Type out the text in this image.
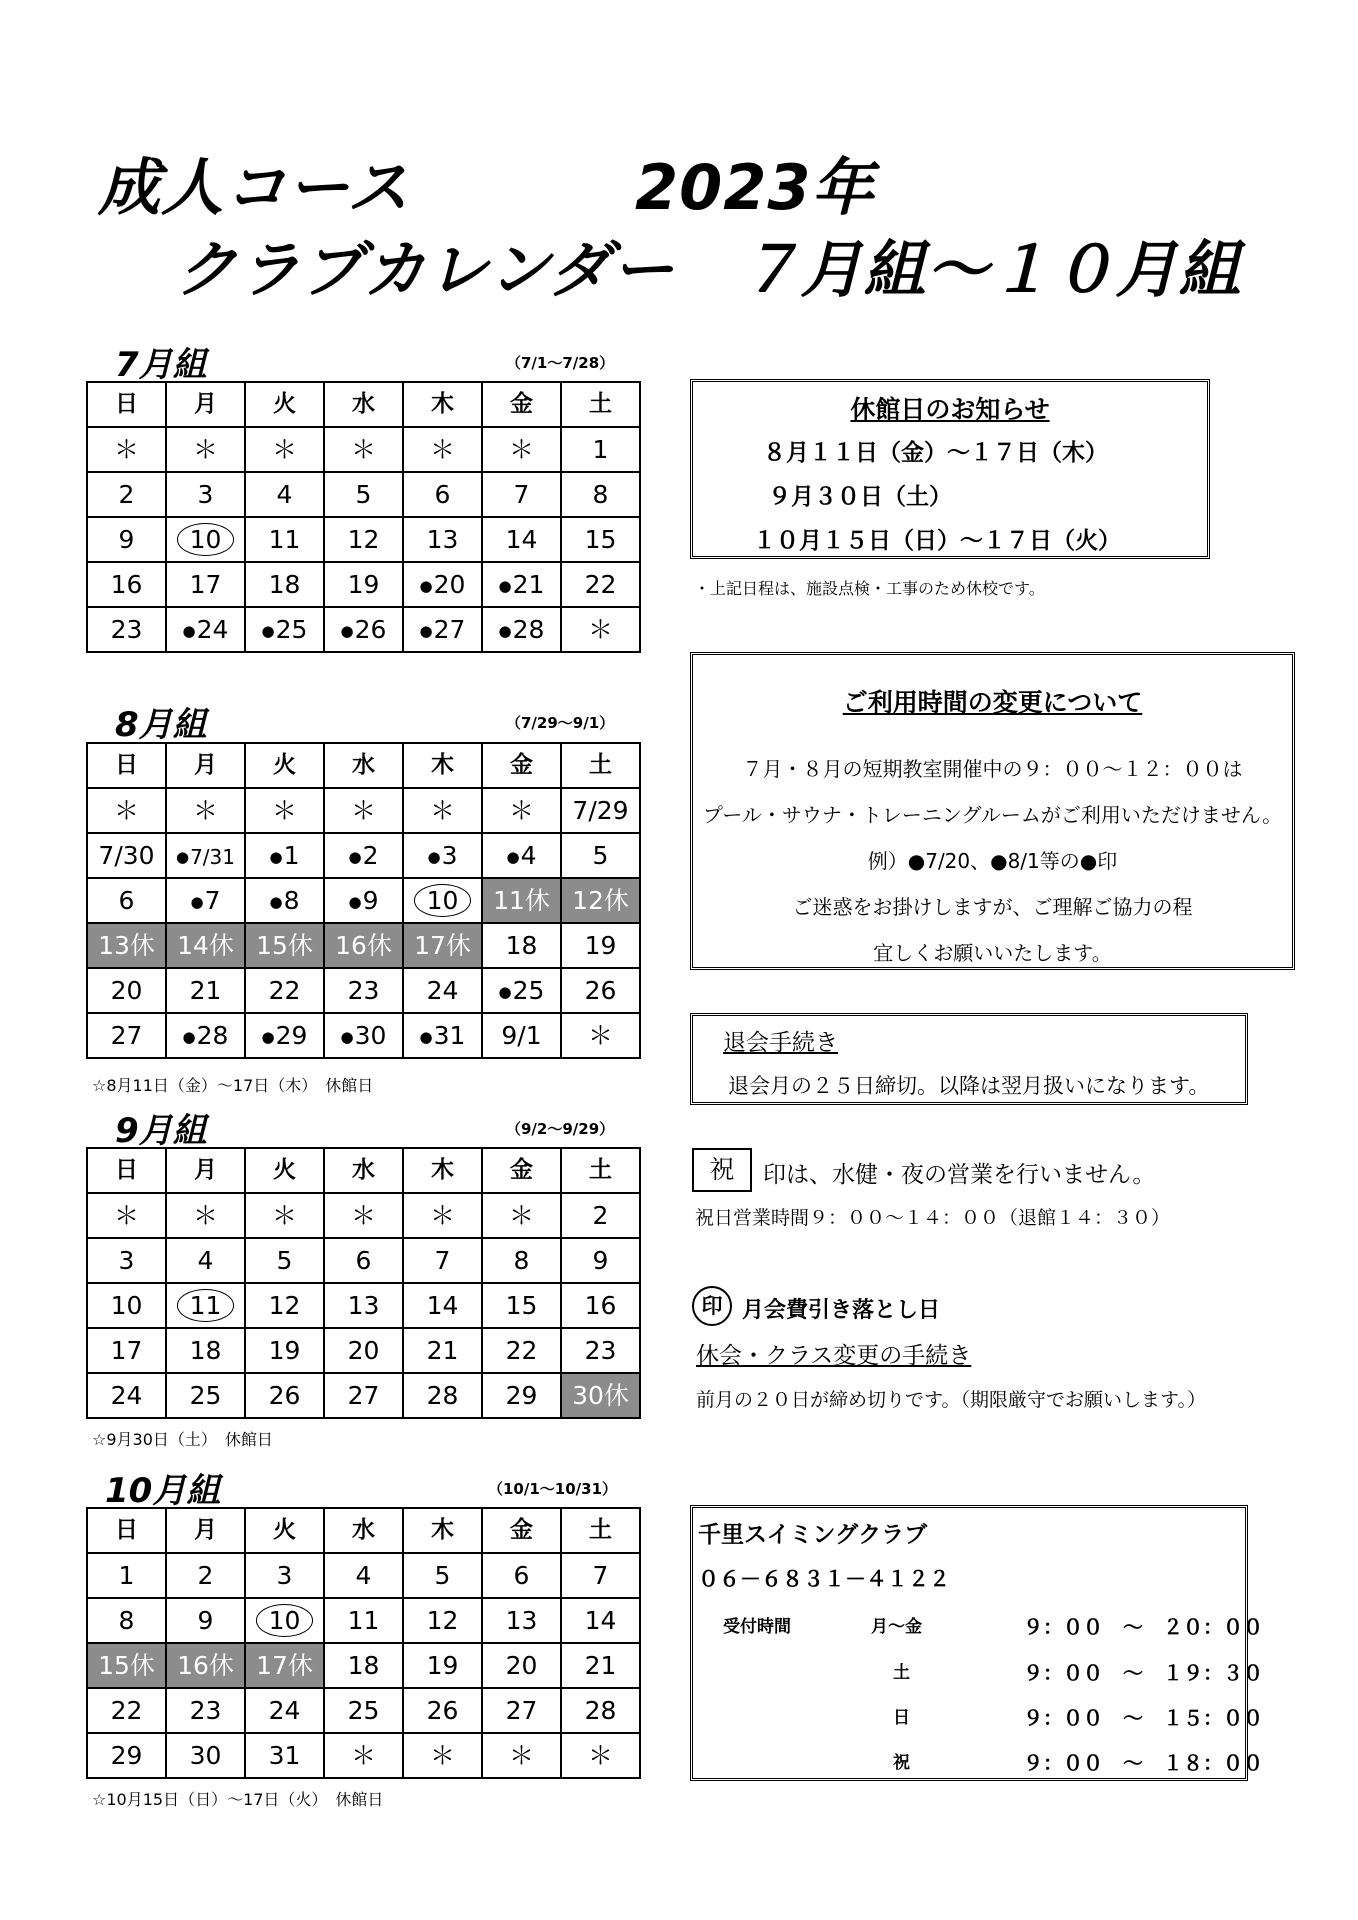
成人コース	2023年
クラブカレンダー　７月組～１０月組
7月組	（7/1～7/28）
日	月	火	水	木	金	土
＊	＊	＊	＊	＊	＊	1
2	3	4	5	6	7	8
9	10	11	12	13	14	15
16	17	18	19	●20	●21	22
23	●24	●25	●26	●27	●28	＊
8月組	（7/29～9/1）
日	月	火	水	木	金	土
＊	＊	＊	＊	＊	＊	7/29
7/30	●7/31	●1	●2	●3	●4	5
6	●7	●8	●9	10	11休	12休
13休	14休	15休	16休	17休	18	19
20	21	22	23	24	●25	26
27	●28	●29	●30	●31	9/1	＊
☆8月11日（金）～17日（木）　休館日
9月組	（9/2～9/29）
日	月	火	水	木	金	土
＊	＊	＊	＊	＊	＊	2
3	4	5	6	7	8	9
10	11	12	13	14	15	16
17	18	19	20	21	22	23
24	25	26	27	28	29	30休
☆9月30日（土）　休館日
10月組	（10/1～10/31）
日	月	火	水	木	金	土
1	2	3	4	5	6	7
8	9	10	11	12	13	14
15休	16休	17休	18	19	20	21
22	23	24	25	26	27	28
29	30	31	＊	＊	＊	＊
☆10月15日（日）～17日（火）　休館日
休館日のお知らせ
８月１１日（金）～１７日（木）
９月３０日（土）
１０月１５日（日）～１７日（火）
・上記日程は、施設点検・工事のため休校です。
ご利用時間の変更について
７月・８月の短期教室開催中の９：００～１２：００は
プール・サウナ・トレーニングルームがご利用いただけません。
例）●7/20、●8/1等の●印
ご迷惑をお掛けしますが、ご理解ご協力の程
宜しくお願いいたします。
退会手続き
退会月の２５日締切。以降は翌月扱いになります。
祝	印は、水健・夜の営業を行いません。
祝日営業時間９：００～１４：００（退館１４：３０）
印 月会費引き落とし日
休会・クラス変更の手続き
前月の２０日が締め切りです。（期限厳守でお願いします。）
千里スイミングクラブ
０６－６８３１－４１２２
受付時間	月～金	９：００　～　２０：００
土	９：００　～　１９：３０
日	９：００　～　１５：００
祝	９：００　～　１８：００
